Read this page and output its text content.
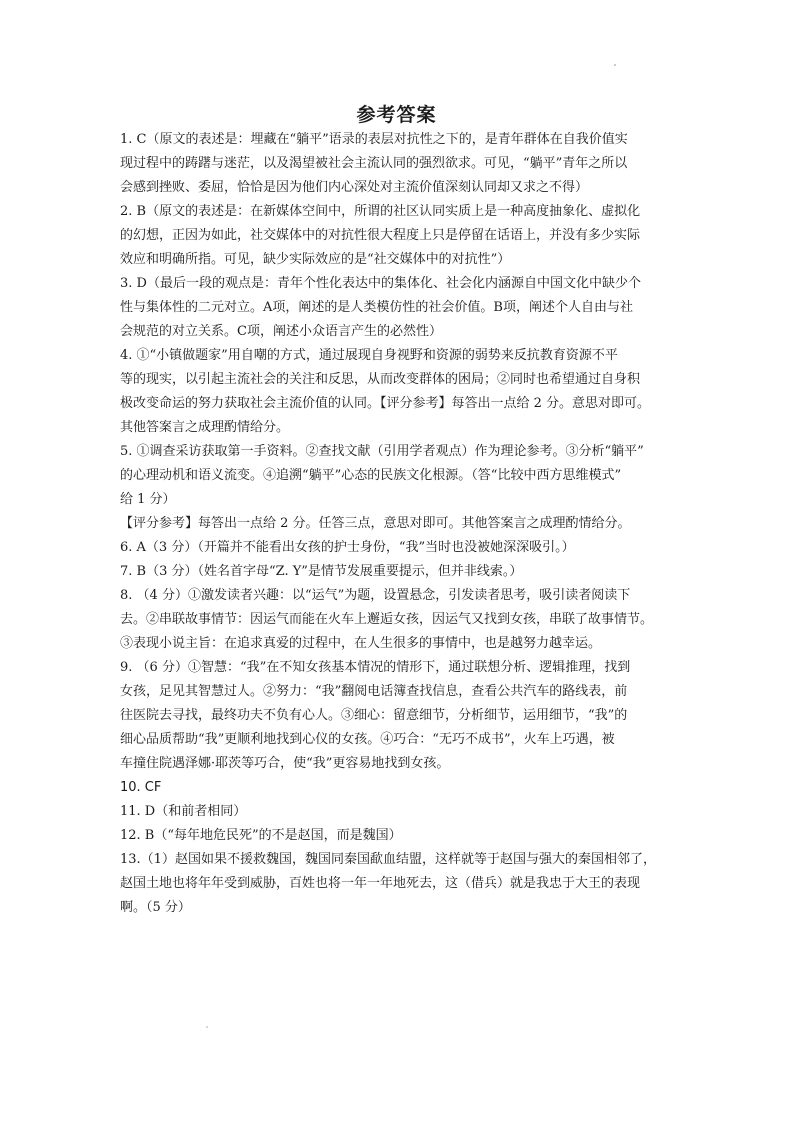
参考答案

1. C（原文的表述是：埋藏在“躺平”语录的表层对抗性之下的，是青年群体在自我价值实
现过程中的踌躇与迷茫，以及渴望被社会主流认同的强烈欲求。可见，“躺平”青年之所以
会感到挫败、委屈，恰恰是因为他们内心深处对主流价值深刻认同却又求之不得）

2. B（原文的表述是：在新媒体空间中，所谓的社区认同实质上是一种高度抽象化、虚拟化
的幻想，正因为如此，社交媒体中的对抗性很大程度上只是停留在话语上，并没有多少实际
效应和明确所指。可见，缺少实际效应的是“社交媒体中的对抗性”）

3. D（最后一段的观点是：青年个性化表达中的集体化、社会化内涵源自中国文化中缺少个
性与集体性的二元对立。A项，阐述的是人类模仿性的社会价值。B项，阐述个人自由与社
会规范的对立关系。C项，阐述小众语言产生的必然性）

4. ①“小镇做题家”用自嘲的方式，通过展现自身视野和资源的弱势来反抗教育资源不平
等的现实，以引起主流社会的关注和反思，从而改变群体的困局；②同时也希望通过自身积
极改变命运的努力获取社会主流价值的认同。【评分参考】每答出一点给 2 分。意思对即可。
其他答案言之成理酌情给分。

5. ①调查采访获取第一手资料。②查找文献（引用学者观点）作为理论参考。③分析“躺平”
的心理动机和语义流变。④追溯“躺平”心态的民族文化根源。（答“比较中西方思维模式”
给 1 分）
【评分参考】每答出一点给 2 分。任答三点，意思对即可。其他答案言之成理酌情给分。

6. A（3 分）（开篇并不能看出女孩的护士身份，“我”当时也没被她深深吸引。）

7. B（3 分）（姓名首字母“Z. Y”是情节发展重要提示，但并非线索。）

8. （4 分）①激发读者兴趣：以“运气”为题，设置悬念，引发读者思考，吸引读者阅读下
去。②串联故事情节：因运气而能在火车上邂逅女孩，因运气又找到女孩，串联了故事情节。
③表现小说主旨：在追求真爱的过程中，在人生很多的事情中，也是越努力越幸运。

9. （6 分）①智慧：“我”在不知女孩基本情况的情形下，通过联想分析、逻辑推理，找到
女孩，足见其智慧过人。②努力：“我”翻阅电话簿查找信息，查看公共汽车的路线表，前
往医院去寻找，最终功夫不负有心人。③细心：留意细节，分析细节，运用细节，“我”的
细心品质帮助“我”更顺利地找到心仪的女孩。④巧合：“无巧不成书”，火车上巧遇，被
车撞住院遇泽娜·耶茨等巧合，使“我”更容易地找到女孩。

10. CF

11. D（和前者相同）

12. B（“每年地危民死”的不是赵国，而是魏国）

13.（1）赵国如果不援救魏国，魏国同秦国歃血结盟，这样就等于赵国与强大的秦国相邻了，
赵国土地也将年年受到威胁，百姓也将一年一年地死去，这（借兵）就是我忠于大王的表现
啊。（5 分）
